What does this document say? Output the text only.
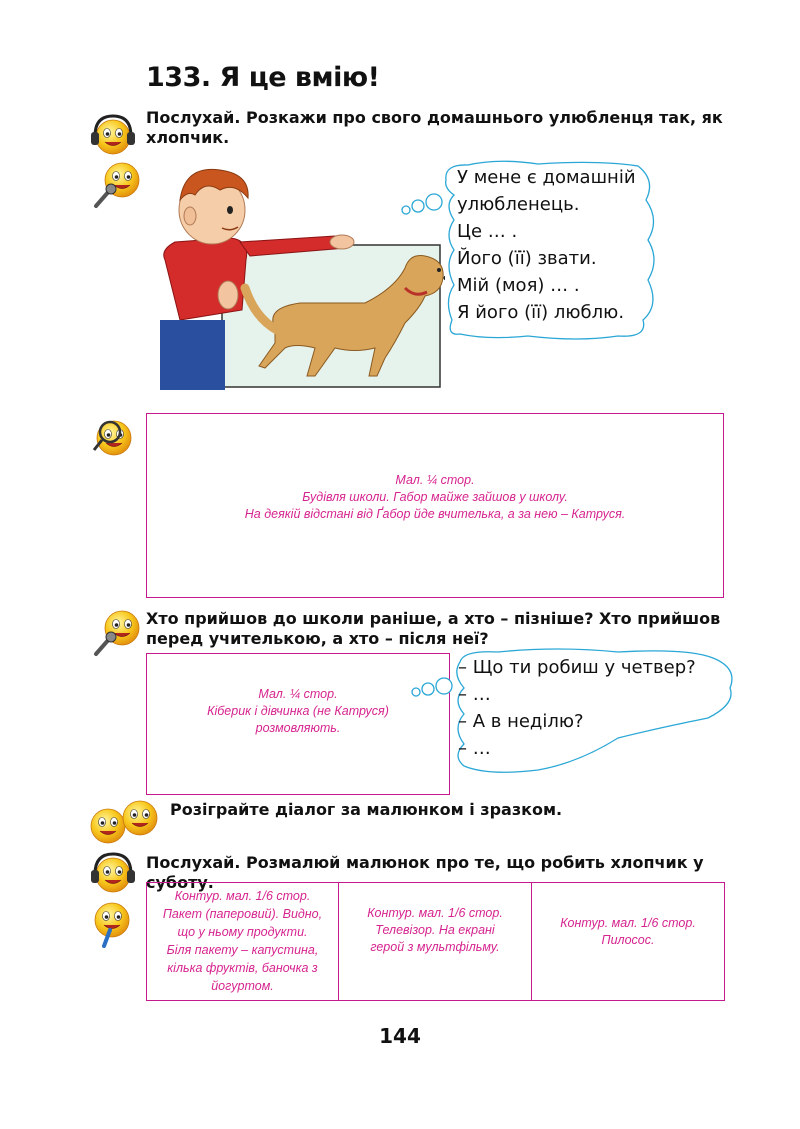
133. Я це вмію!
Послухай. Розкажи про свого домашнього улюбленця так, як хлопчик.
У мене є домашній
улюбленець.
Це … .
Його (її) звати.
Мій (моя) … .
Я його (її) люблю.
Мал. ¼ стор.
Будівля школи. Габор майже зайшов у школу.
На деякій відстані від Ґабор йде вчителька, а за нею – Катруся.
Хто прийшов до школи раніше, а хто – пізніше? Хто прийшов перед учителькою, а хто – після неї?
Мал. ¼ стор.
Кіберик і дівчинка (не Катруся)
розмовляють.
– Що ти робиш у четвер?
– …
– А в неділю?
– …
Розіграйте діалог за малюнком і зразком.
Послухай. Розмалюй малюнок про те, що робить хлопчик у
суботу.
Контур. мал. 1/6 стор.
Пакет (паперовий). Видно,
що у ньому продукти.
Біля пакету – капустина,
кілька фруктів, баночка з
йогуртом.
Контур. мал. 1/6 стор.
Телевізор. На екрані
герой з мультфільму.
Контур. мал. 1/6 стор.
Пилосос.
144
